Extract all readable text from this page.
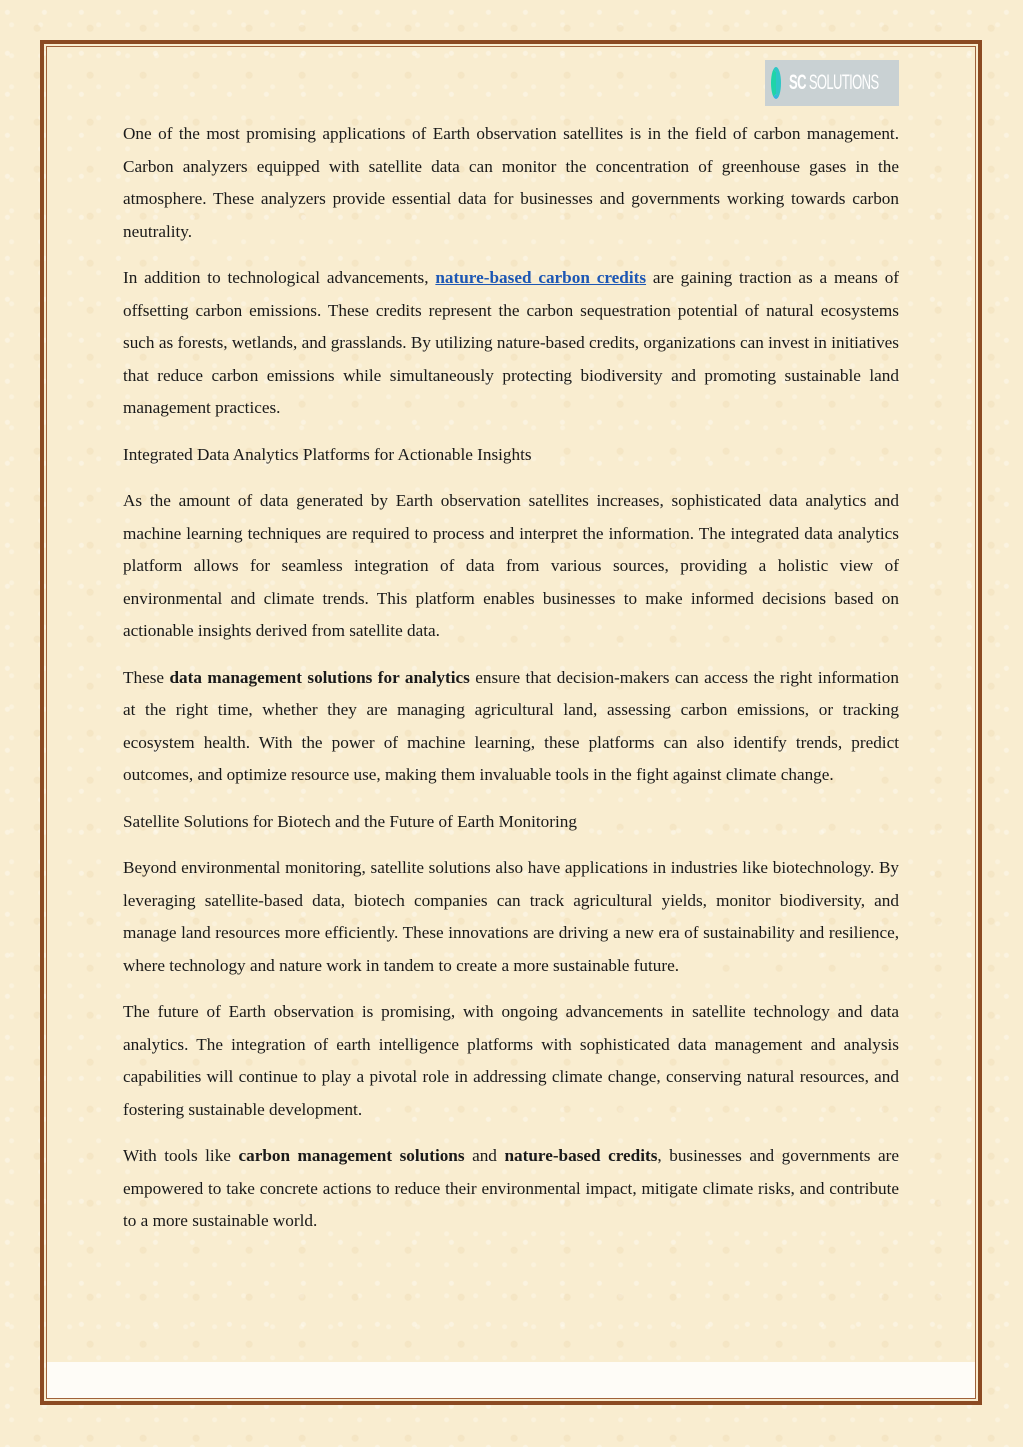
SC SOLUTIONS

One of the most promising applications of Earth observation satellites is in the field of carbon management. Carbon analyzers equipped with satellite data can monitor the concentration of greenhouse gases in the atmosphere. These analyzers provide essential data for businesses and governments working towards carbon neutrality.

In addition to technological advancements, nature-based carbon credits are gaining traction as a means of offsetting carbon emissions. These credits represent the carbon sequestration potential of natural ecosystems such as forests, wetlands, and grasslands. By utilizing nature-based credits, organizations can invest in initiatives that reduce carbon emissions while simultaneously protecting biodiversity and promoting sustainable land management practices.

Integrated Data Analytics Platforms for Actionable Insights

As the amount of data generated by Earth observation satellites increases, sophisticated data analytics and machine learning techniques are required to process and interpret the information. The integrated data analytics platform allows for seamless integration of data from various sources, providing a holistic view of environmental and climate trends. This platform enables businesses to make informed decisions based on actionable insights derived from satellite data.

These data management solutions for analytics ensure that decision-makers can access the right information at the right time, whether they are managing agricultural land, assessing carbon emissions, or tracking ecosystem health. With the power of machine learning, these platforms can also identify trends, predict outcomes, and optimize resource use, making them invaluable tools in the fight against climate change.

Satellite Solutions for Biotech and the Future of Earth Monitoring

Beyond environmental monitoring, satellite solutions also have applications in industries like biotechnology. By leveraging satellite-based data, biotech companies can track agricultural yields, monitor biodiversity, and manage land resources more efficiently. These innovations are driving a new era of sustainability and resilience, where technology and nature work in tandem to create a more sustainable future.

The future of Earth observation is promising, with ongoing advancements in satellite technology and data analytics. The integration of earth intelligence platforms with sophisticated data management and analysis capabilities will continue to play a pivotal role in addressing climate change, conserving natural resources, and fostering sustainable development.

With tools like carbon management solutions and nature-based credits, businesses and governments are empowered to take concrete actions to reduce their environmental impact, mitigate climate risks, and contribute to a more sustainable world.
